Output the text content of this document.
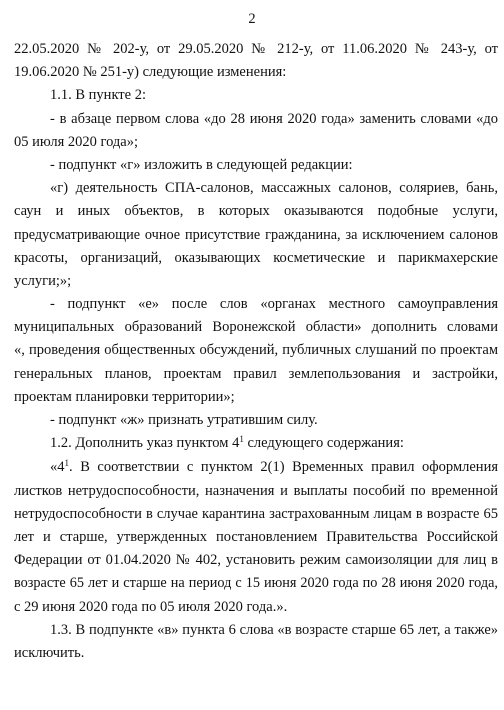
2
22.05.2020 № 202-у, от 29.05.2020 № 212-у, от 11.06.2020 № 243-у, от
19.06.2020 № 251-у) следующие изменения:
1.1. В пункте 2:
- в абзаце первом слова «до 28 июня 2020 года» заменить словами «до
05 июля 2020 года»;
- подпункт «г» изложить в следующей редакции:
«г) деятельность СПА-салонов, массажных салонов, соляриев, бань,
саун и иных объектов, в которых оказываются подобные услуги,
предусматривающие очное присутствие гражданина, за исключением салонов
красоты, организаций, оказывающих косметические и парикмахерские
услуги;»;
- подпункт «е» после слов «органах местного самоуправления
муниципальных образований Воронежской области» дополнить словами
«, проведения общественных обсуждений, публичных слушаний по проектам
генеральных планов, проектам правил землепользования и застройки,
проектам планировки территории»;
- подпункт «ж» признать утратившим силу.
1.2. Дополнить указ пунктом $4^1$ следующего содержания:
«$4^1$. В соответствии с пунктом 2(1) Временных правил оформления
листков нетрудоспособности, назначения и выплаты пособий по временной
нетрудоспособности в случае карантина застрахованным лицам в возрасте 65
лет и старше, утвержденных постановлением Правительства Российской
Федерации от 01.04.2020 № 402, установить режим самоизоляции для лиц в
возрасте 65 лет и старше на период с 15 июня 2020 года по 28 июня 2020 года,
с 29 июня 2020 года по 05 июля 2020 года.».
1.3. В подпункте «в» пункта 6 слова «в возрасте старше 65 лет, а также»
исключить.
